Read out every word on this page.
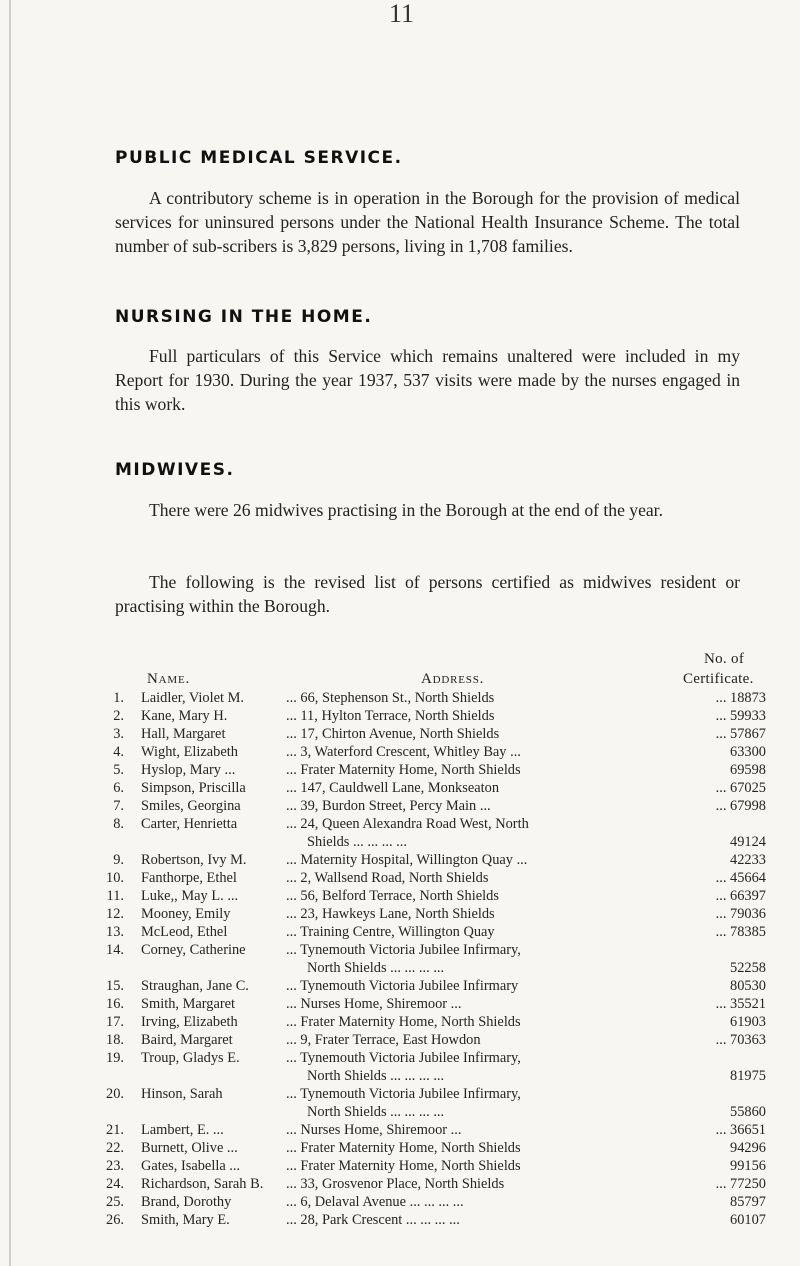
11
PUBLIC MEDICAL SERVICE.

A contributory scheme is in operation in the Borough for the provision of medical services for uninsured persons under the National Health Insurance Scheme. The total number of sub-scribers is 3,829 persons, living in 1,708 families.

NURSING IN THE HOME.

Full particulars of this Service which remains unaltered were included in my Report for 1930. During the year 1937, 537 visits were made by the nurses engaged in this work.

MIDWIVES.

There were 26 midwives practising in the Borough at the end of the year.

The following is the revised list of persons certified as midwives resident or practising within the Borough.

No. of
Name.	Address.	Certificate.
1. Laidler, Violet M.	... 66, Stephenson St., North Shields	... 18873
2. Kane, Mary H.	... 11, Hylton Terrace, North Shields	... 59933
3. Hall, Margaret	... 17, Chirton Avenue, North Shields	... 57867
4. Wight, Elizabeth	... 3, Waterford Crescent, Whitley Bay ...	63300
5. Hyslop, Mary ...	... Frater Maternity Home, North Shields	69598
6. Simpson, Priscilla	... 147, Cauldwell Lane, Monkseaton	... 67025
7. Smiles, Georgina	... 39, Burdon Street, Percy Main ...	... 67998
8. Carter, Henrietta	... 24, Queen Alexandra Road West, North
Shields ... ... ... ...	49124
9. Robertson, Ivy M.	... Maternity Hospital, Willington Quay ...	42233
10. Fanthorpe, Ethel	... 2, Wallsend Road, North Shields	... 45664
11. Luke,, May L. ...	... 56, Belford Terrace, North Shields	... 66397
12. Mooney, Emily	... 23, Hawkeys Lane, North Shields	... 79036
13. McLeod, Ethel	... Training Centre, Willington Quay	... 78385
14. Corney, Catherine	... Tynemouth Victoria Jubilee Infirmary,
North Shields ... ... ... ...	52258
15. Straughan, Jane C.	... Tynemouth Victoria Jubilee Infirmary	80530
16. Smith, Margaret	... Nurses Home, Shiremoor ...	... 35521
17. Irving, Elizabeth	... Frater Maternity Home, North Shields	61903
18. Baird, Margaret	... 9, Frater Terrace, East Howdon	... 70363
19. Troup, Gladys E.	... Tynemouth Victoria Jubilee Infirmary,
North Shields ... ... ... ...	81975
20. Hinson, Sarah	... Tynemouth Victoria Jubilee Infirmary,
North Shields ... ... ... ...	55860
21. Lambert, E. ...	... Nurses Home, Shiremoor ...	... 36651
22. Burnett, Olive ...	... Frater Maternity Home, North Shields	94296
23. Gates, Isabella ...	... Frater Maternity Home, North Shields	99156
24. Richardson, Sarah B.	... 33, Grosvenor Place, North Shields	... 77250
25. Brand, Dorothy	... 6, Delaval Avenue ... ... ... ...	85797
26. Smith, Mary E.	... 28, Park Crescent ... ... ... ...	60107
